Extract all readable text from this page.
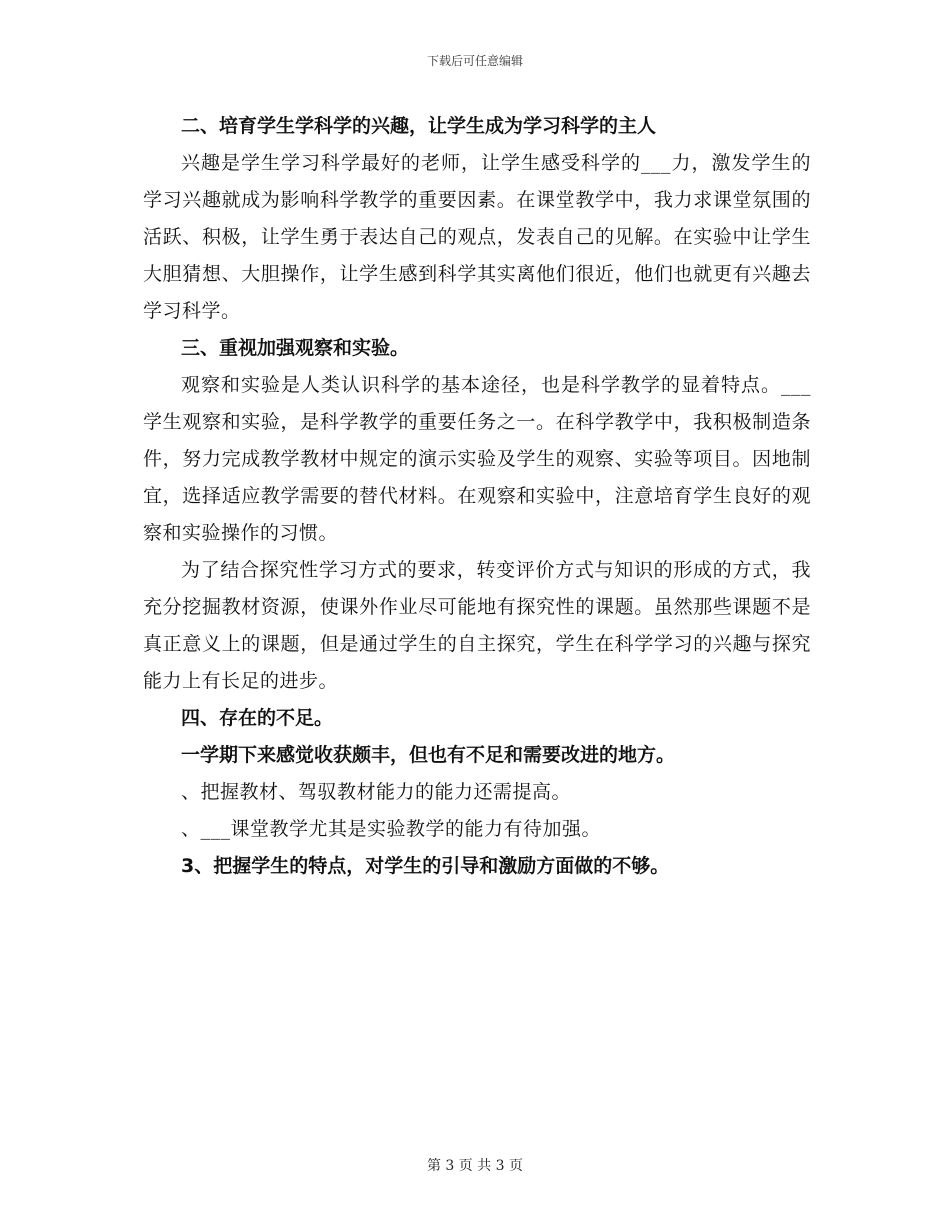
下载后可任意编辑

二、培育学生学科学的兴趣，让学生成为学习科学的主人

兴趣是学生学习科学最好的老师，让学生感受科学的___力，激发学生的学习兴趣就成为影响科学教学的重要因素。在课堂教学中，我力求课堂氛围的活跃、积极，让学生勇于表达自己的观点，发表自己的见解。在实验中让学生大胆猜想、大胆操作，让学生感到科学其实离他们很近，他们也就更有兴趣去学习科学。

三、重视加强观察和实验。

观察和实验是人类认识科学的基本途径，也是科学教学的显着特点。___学生观察和实验，是科学教学的重要任务之一。在科学教学中，我积极制造条件，努力完成教学教材中规定的演示实验及学生的观察、实验等项目。因地制宜，选择适应教学需要的替代材料。在观察和实验中，注意培育学生良好的观察和实验操作的习惯。

为了结合探究性学习方式的要求，转变评价方式与知识的形成的方式，我充分挖掘教材资源，使课外作业尽可能地有探究性的课题。虽然那些课题不是真正意义上的课题，但是通过学生的自主探究，学生在科学学习的兴趣与探究能力上有长足的进步。

四、存在的不足。

一学期下来感觉收获颇丰，但也有不足和需要改进的地方。

、把握教材、驾驭教材能力的能力还需提高。

、___课堂教学尤其是实验教学的能力有待加强。

3、把握学生的特点，对学生的引导和激励方面做的不够。

第 3 页 共 3 页
